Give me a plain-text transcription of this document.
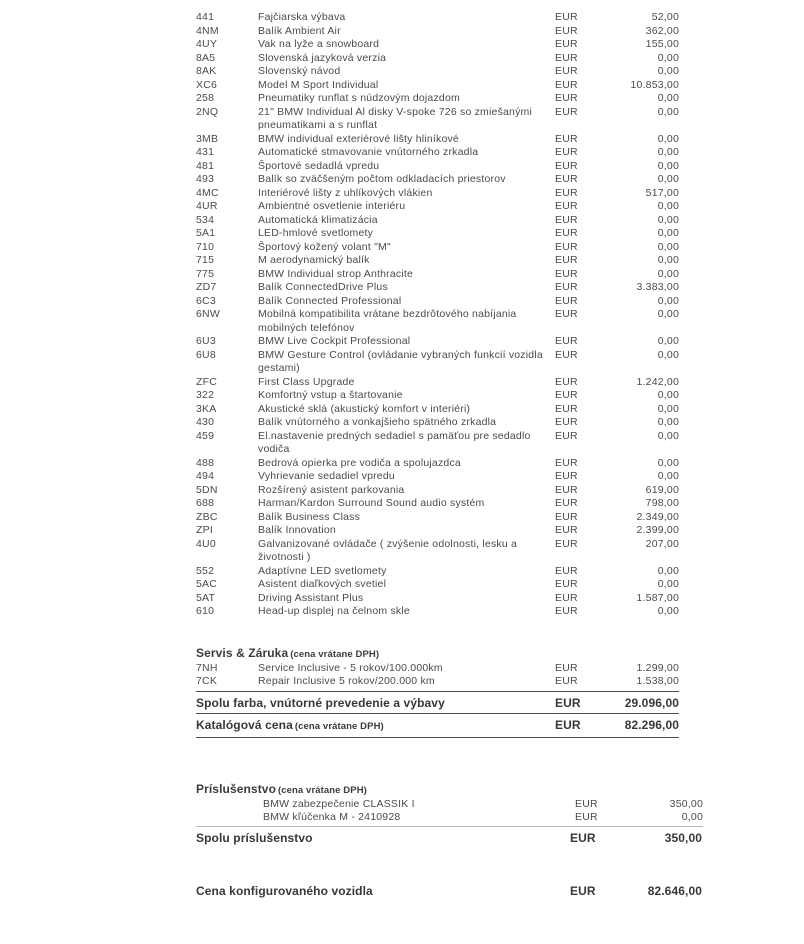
441	Fajčiarska výbava	EUR	52,00
4NM	Balík Ambient Air	EUR	362,00
4UY	Vak na lyže a snowboard	EUR	155,00
8A5	Slovenská jazyková verzia	EUR	0,00
8AK	Slovenský návod	EUR	0,00
XC6	Model M Sport Individual	EUR	10.853,00
258	Pneumatiky runflat s núdzovým dojazdom	EUR	0,00
2NQ	21" BMW Individual Al disky V-spoke 726 so zmiešanými pneumatikami a s runflat
EUR	0,00
3MB	BMW individual exteriérové lišty hliníkové	EUR	0,00
431	Automatické stmavovanie vnútorného zrkadla	EUR	0,00
481	Športové sedadlá vpredu	EUR	0,00
493	Balík so zväčšeným počtom odkladacích priestorov	EUR	0,00
4MC	Interiérové lišty z uhlíkových vlákien	EUR	517,00
4UR	Ambientné osvetlenie interiéru	EUR	0,00
534	Automatická klimatizácia	EUR	0,00
5A1	LED-hmlové svetlomety	EUR	0,00
710	Športový kožený volant "M"	EUR	0,00
715	M aerodynamický balík	EUR	0,00
775	BMW Individual strop Anthracite	EUR	0,00
ZD7	Balík ConnectedDrive Plus	EUR	3.383,00
6C3	Balík Connected Professional	EUR	0,00
6NW	Mobilná kompatibilita vrátane bezdrôtového nabíjania mobilných telefónov
EUR	0,00
6U3	BMW Live Cockpit Professional	EUR	0,00
6U8	BMW Gesture Control (ovládanie vybraných funkcií vozidla gestami)
EUR	0,00
ZFC	First Class Upgrade	EUR	1.242,00
322	Komfortný vstup a štartovanie	EUR	0,00
3KA	Akustické sklá (akustický komfort v interiéri)	EUR	0,00
430	Balík vnútorného a vonkajšieho spätného zrkadla	EUR	0,00
459	El.nastavenie predných sedadiel s pamäťou pre sedadlo vodiča
EUR	0,00
488	Bedrová opierka pre vodiča a spolujazdca	EUR	0,00
494	Vyhrievanie sedadiel vpredu	EUR	0,00
5DN	Rozšírený asistent parkovania	EUR	619,00
688	Harman/Kardon Surround Sound audio systém	EUR	798,00
ZBC	Balík Business Class	EUR	2.349,00
ZPI	Balík Innovation	EUR	2.399,00
4U0	Galvanizované ovládače ( zvýšenie odolnosti, lesku a životnosti )
EUR	207,00
552	Adaptívne LED svetlomety	EUR	0,00
5AC	Asistent diaľkových svetiel	EUR	0,00
5AT	Driving Assistant Plus	EUR	1.587,00
610	Head-up displej na čelnom skle	EUR	0,00
Servis & Záruka (cena vrátane DPH)
7NH	Service Inclusive - 5 rokov/100.000km	EUR	1.299,00
7CK	Repair Inclusive 5 rokov/200.000 km	EUR	1.538,00
Spolu farba, vnútorné prevedenie a výbavy	EUR	29.096,00
Katalógová cena (cena vrátane DPH)	EUR	82.296,00
Príslušenstvo (cena vrátane DPH)
BMW zabezpečenie CLASSIK I	EUR	350,00
BMW kľúčenka M - 2410928	EUR	0,00
Spolu príslušenstvo	EUR	350,00
Cena konfigurovaného vozidla	EUR	82.646,00
